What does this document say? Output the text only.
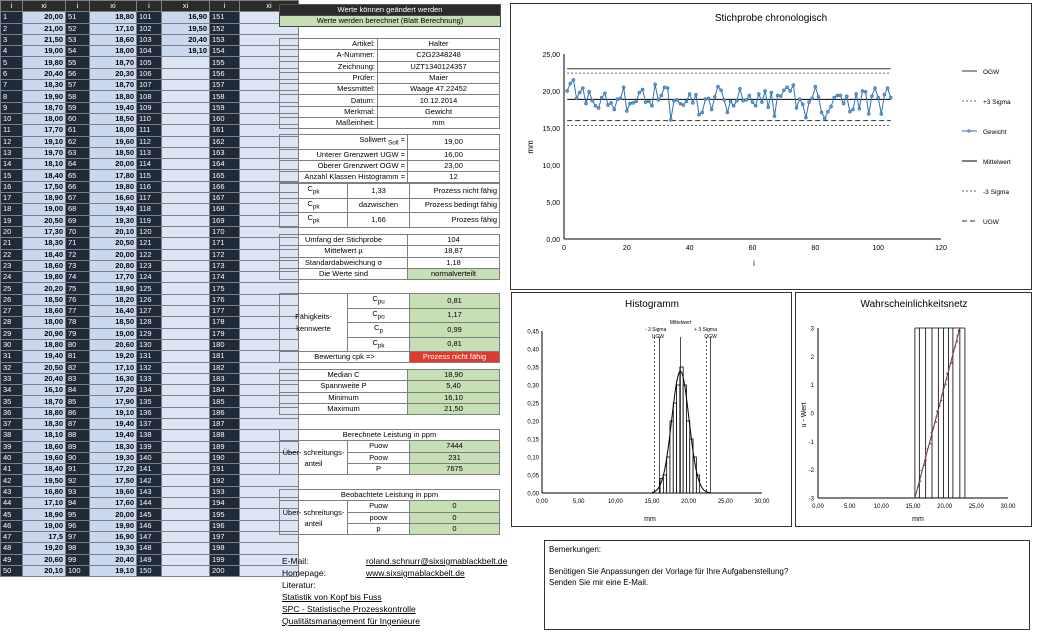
i	xi	i	xi	i	xi	i	xi
1	20,00	51	18,80	101	16,90	151	
2	21,00	52	17,10	102	19,50	152	
3	21,50	53	18,60	103	20,40	153	
4	19,00	54	18,00	104	19,10	154	
5	19,80	55	18,70	105		155	
6	20,40	56	20,30	106		156	
7	18,30	57	18,70	107		157	
8	19,90	58	18,80	108		158	
9	18,70	59	19,40	109		159	
10	18,00	60	18,50	110		160	
11	17,70	61	18,00	111		161	
12	19,10	62	19,60	112		162	
13	19,70	63	18,50	113		163	
14	18,10	64	20,00	114		164	
15	18,40	65	17,80	115		165	
16	17,50	66	19,80	116		166	
17	18,90	67	16,60	117		167	
18	19,00	68	19,40	118		168	
19	20,50	69	19,30	119		169	
20	17,30	70	20,10	120		170	
21	18,30	71	20,50	121		171	
22	18,40	72	20,00	122		172	
23	18,60	73	20,80	123		173	
24	19,80	74	17,70	124		174	
25	20,20	75	18,90	125		175	
26	18,50	76	18,20	126		176	
27	18,60	77	16,40	127		177	
28	18,00	78	18,50	128		178	
29	20,90	79	19,00	129		179	
30	18,80	80	20,60	130		180	
31	19,40	81	19,20	131		181	
32	20,50	82	17,10	132		182	
33	20,40	83	16,30	133		183	
34	16,10	84	17,20	134		184	
35	18,70	85	17,90	135		185	
36	18,80	86	19,10	136		186	
37	18,30	87	19,40	137		187	
38	18,10	88	19,40	138		188	
39	18,60	89	18,30	139		189	
40	19,60	90	19,30	140		190	
41	18,40	91	17,20	141		191	
42	19,50	92	17,50	142		192	
43	16,80	93	19,60	143		193	
44	17,10	94	17,60	144		194	
45	18,90	95	20,00	145		195	
46	19,00	96	19,90	146		196	
47	17,5	97	16,90	147		197	
48	19,20	98	19,30	148		198	
49	20,60	99	20,40	149		199	
50	20,10	100	19,10	150		200	
Werte können geändert werden
Werte werden berechnet (Blatt Berechnung)
Artikel:	Halter
A-Nummer:	C2G2348248
Zeichnung:	UZT1340124357
Prüfer:	Maier
Messmittel:	Waage 47.22452
Datum:	10.12.2014
Merkmal:	Gewicht
Maßeinheit:	mm
Sollwert $_{Soll}$ =	19,00
Unterer Grenzwert UGW =	16,00
Oberer Grenzwert OGW =	23,00
Anzahl Klassen Histogramm =	12
$C_{pk}$	1,33	Prozess nicht fähig
$C_{pk}$	dazwischen	Prozess bedingt fähig
$C_{pk}$	1,66	Prozess fähig
Umfang der Stichprobe	104
Mittelwert µ	18,87
Standardabweichung σ	1,18
Die Werte sind	normalverteilt
Fähigkeits-
kennwerte	$C_{pu}$	0,81
	$C_{po}$	1,17
	$C_p$	0,99
	$C_{pk}$	0,81
Bewertung cpk =>		Prozess nicht fähig
Median C	18,90
Spannweite P	5,40
Minimum	16,10
Maximum	21,50
Berechnete Leistung in ppm		
Über- schreitungs- anteil	Puow	7444
	Poow	231
	P	7675
Beobachtete Leistung in ppm		
Über- schreitungs- anteil	Puow	0
	poow	0
	p	0
E-Mail:	roland.schnurr@sixsigmablackbelt.de
Homepage:	www.sixsigmablackbelt.de
Literatur:
Statistik von Kopf bis Fuss
SPC - Statistische Prozesskontrolle
Qualitätsmanagement für Ingenieure
Bemerkungen:
Benötigen Sie Anpassungen der Vorlage für Ihre Aufgabenstellung?
Senden Sie mir eine E-Mail.
Stichprobe chronologisch
0,00
5,00
10,00
15,00
20,00
25,00
0	20	40	60	80	100	120
OGW
+3 Sigma
Gewicht
Mittelwert
-3 Sigma
UGW
i
mm
Histogramm
0,00
0,05
0,10
0,15
0,20
0,25
0,30
0,35
0,40
0,45
0,00	5,00	10,00	15,00	20,00	25,00	30,00
- 3 Sigma
UGW
Mittelwert
+ 3 Sigma
OGW
mm
Wahrscheinlichkeitsnetz
-3
-2
-1
0
1
2
3
0,00	5,00	10,00	15,00	20,00	25,00	30,00
mm
u - Wert
